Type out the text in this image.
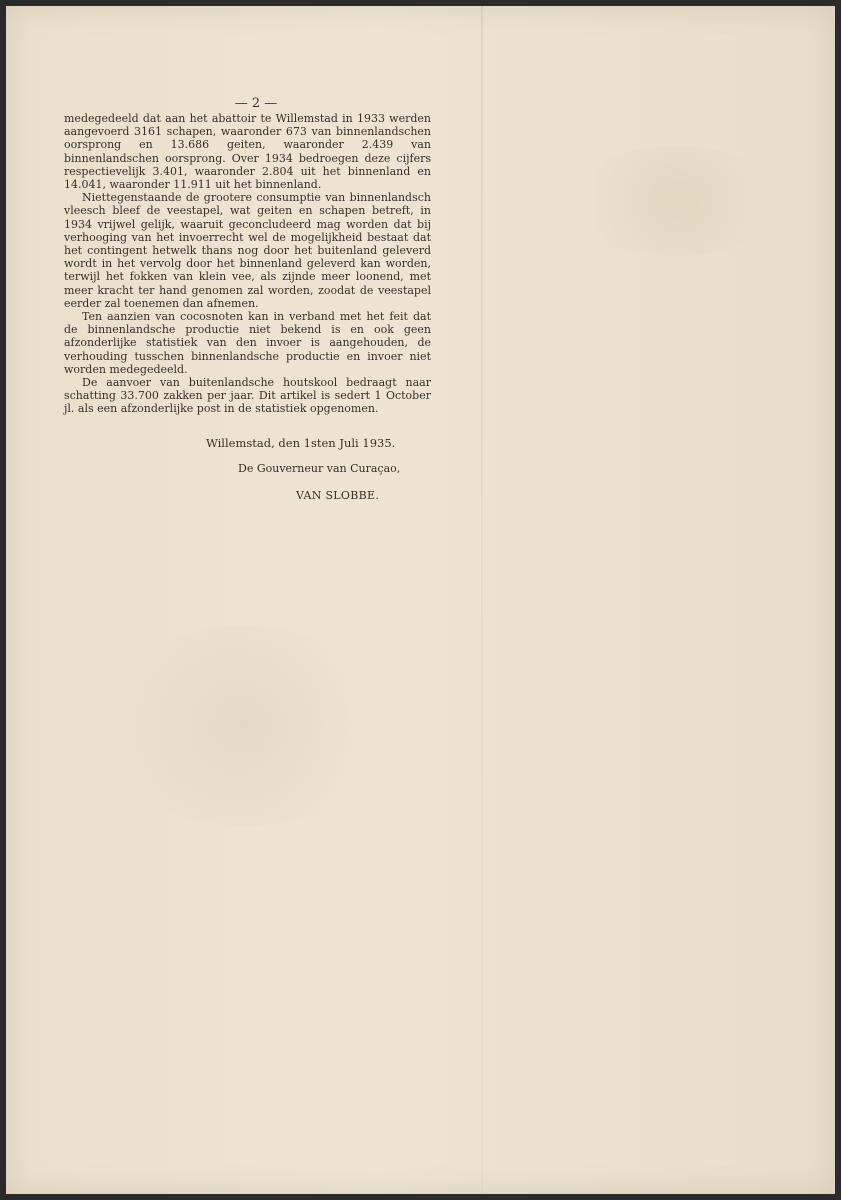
— 2 —

medegedeeld dat aan het abattoir te Willemstad in 1933 werden aangevoerd 3161 schapen, waaronder 673 van binnenlandschen oorsprong en 13.686 geiten, waaronder 2.439 van binnenlandschen oorsprong. Over 1934 bedroegen deze cijfers respectievelijk 3.401, waaronder 2.804 uit het binnenland en 14.041, waaronder 11.911 uit het binnenland.

Niettegenstaande de grootere consumptie van binnenlandsch vleesch bleef de veestapel, wat geiten en schapen betreft, in 1934 vrijwel gelijk, waaruit geconcludeerd mag worden dat bij verhooging van het invoerrecht wel de mogelijkheid bestaat dat het contingent hetwelk thans nog door het buitenland geleverd wordt in het vervolg door het binnenland geleverd kan worden, terwijl het fokken van klein vee, als zijnde meer loonend, met meer kracht ter hand genomen zal worden, zoodat de veestapel eerder zal toenemen dan afnemen.

Ten aanzien van cocosnoten kan in verband met het feit dat de binnenlandsche productie niet bekend is en ook geen afzonderlijke statistiek van den invoer is aangehouden, de verhouding tusschen binnenlandsche productie en invoer niet worden medegedeeld.

De aanvoer van buitenlandsche houtskool bedraagt naar schatting 33.700 zakken per jaar. Dit artikel is sedert 1 October jl. als een afzonderlijke post in de statistiek opgenomen.

Willemstad, den 1sten Juli 1935.
De Gouverneur van Curaçao,
VAN SLOBBE.
